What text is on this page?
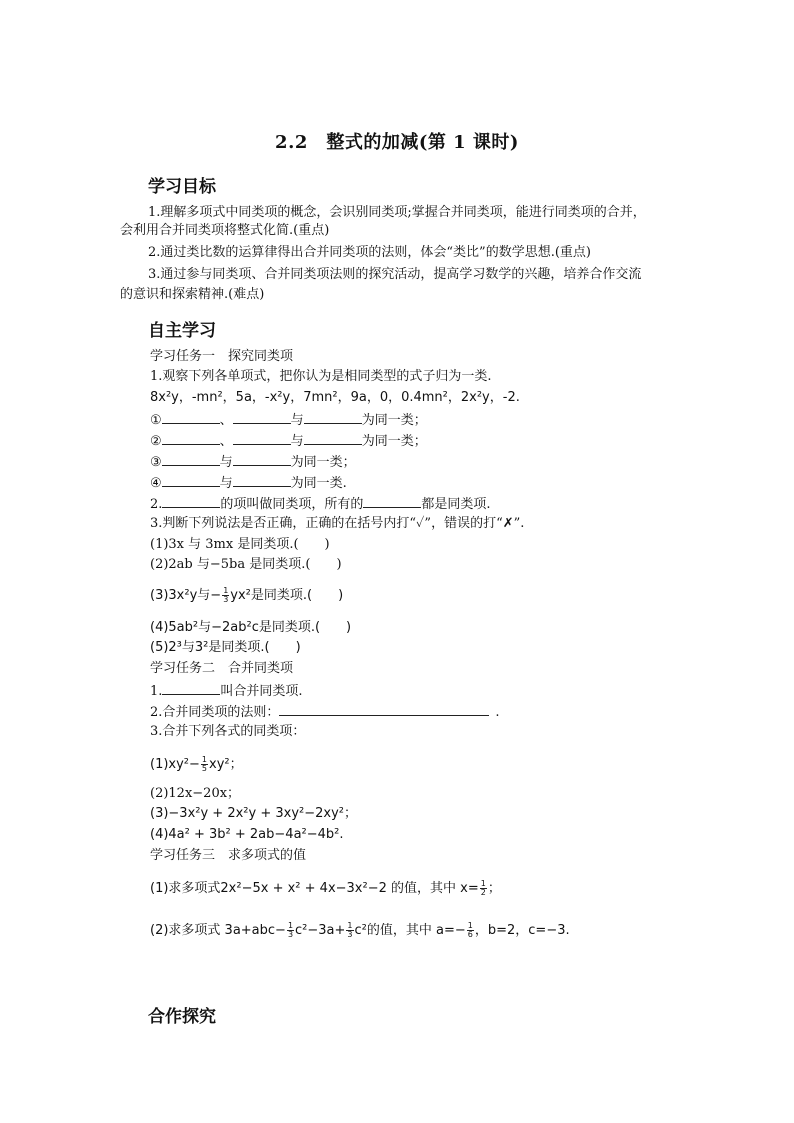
2.2　整式的加减(第 1 课时)
学习目标
1.理解多项式中同类项的概念，会识别同类项;掌握合并同类项，能进行同类项的合并，
会利用合并同类项将整式化简.(重点)
2.通过类比数的运算律得出合并同类项的法则，体会“类比”的数学思想.(重点)
3.通过参与同类项、合并同类项法则的探究活动，提高学习数学的兴趣，培养合作交流
的意识和探索精神.(难点)
自主学习
学习任务一　探究同类项
1.观察下列各单项式，把你认为是相同类型的式子归为一类.
8x²y，-mn²，5a，-x²y，7mn²，9a，0，0.4mn²，2x²y，-2.
①	、	与	为同一类；
②	、	与	为同一类；
③	与	为同一类；
④	与	为同一类.
2.	的项叫做同类项，所有的	都是同类项.
3.判断下列说法是否正确，正确的在括号内打“✓”，错误的打“✗”.
(1)3x 与 3mx 是同类项.(　　)
(2)2ab 与−5ba 是同类项.(　　)
(3)3x²y与− $\frac{1}{3} yx^2$是同类项.(　　)
(4)5ab²与−2ab²c是同类项.(　　)
(5)2³与3²是同类项.(　　)
学习任务二　合并同类项
1.	叫合并同类项.
2.合并同类项的法则：	.
3.合并下列各式的同类项：
$(1)xy^2- \frac{1}{5} xy^2$；
(2)12x−20x；
(3)−3x²y + 2x²y + 3xy²−2xy²；
(4)4a² + 3b² + 2ab−4a²−4b².
学习任务三　求多项式的值
(1)求多项式2x²−5x + x² + 4x−3x²−2 的值，其中 $x= \frac{1}{2}$ ；
(2)求多项式 $3a+abc- \frac{1}{3} c^2-3a+ \frac{1}{3} c^2$的值，其中 $a=- \frac{1}{6}$ ，b=2，c=−3.
合作探究
